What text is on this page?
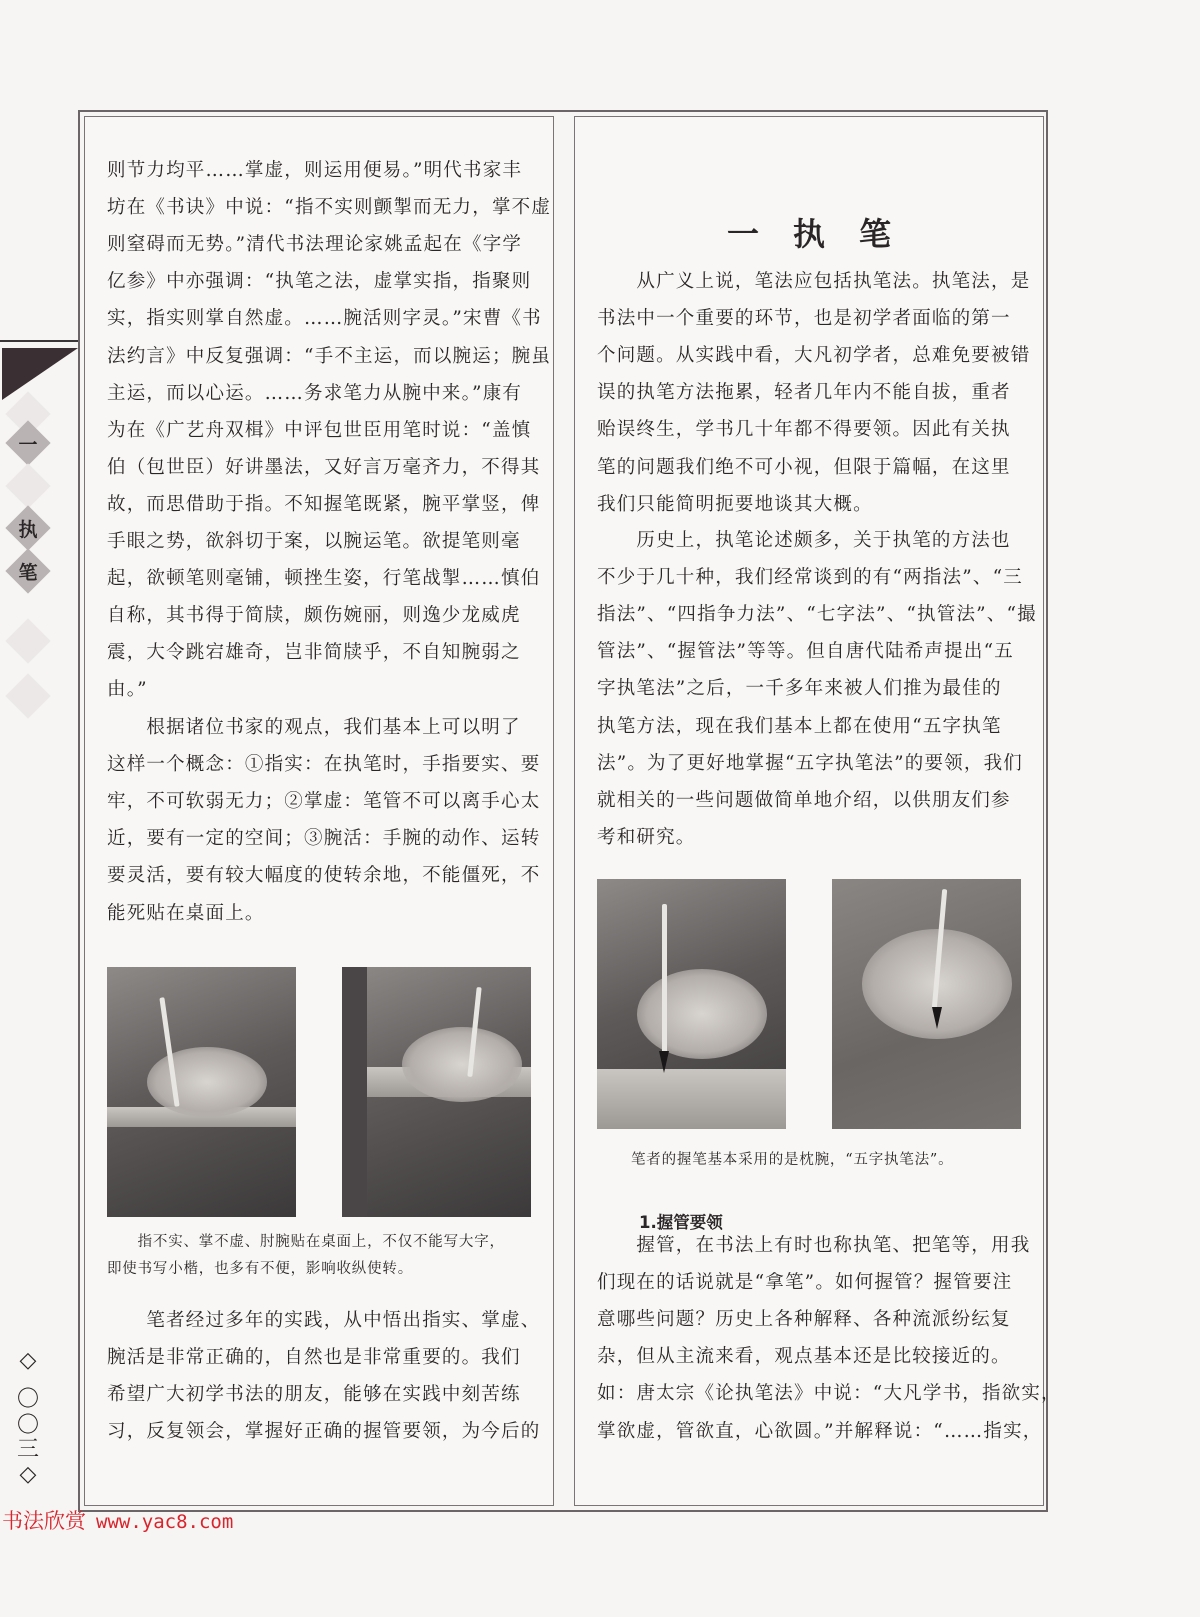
一
执
笔
◇
〇
〇
三
◇
则节力均平……掌虚，则运用便易。”明代书家丰
坊在《书诀》中说：“指不实则颤掣而无力，掌不虚
则窒碍而无势。”清代书法理论家姚孟起在《字学
亿参》中亦强调：“执笔之法，虚掌实指，指聚则
实，指实则掌自然虚。……腕活则字灵。”宋曹《书
法约言》中反复强调：“手不主运，而以腕运；腕虽
主运，而以心运。……务求笔力从腕中来。”康有
为在《广艺舟双楫》中评包世臣用笔时说：“盖慎
伯（包世臣）好讲墨法，又好言万毫齐力，不得其
故，而思借助于指。不知握笔既紧，腕平掌竖，俾
手眼之势，欲斜切于案，以腕运笔。欲提笔则毫
起，欲顿笔则毫铺，顿挫生姿，行笔战掣……慎伯
自称，其书得于简牍，颇伤婉丽，则逸少龙威虎
震，大令跳宕雄奇，岂非简牍乎，不自知腕弱之
由。”
　　根据诸位书家的观点，我们基本上可以明了
这样一个概念：①指实：在执笔时，手指要实、要
牢，不可软弱无力；②掌虚：笔管不可以离手心太
近，要有一定的空间；③腕活：手腕的动作、运转
要灵活，要有较大幅度的使转余地，不能僵死，不
能死贴在桌面上。
　　指不实、掌不虚、肘腕贴在桌面上，不仅不能写大字，
即使书写小楷，也多有不便，影响收纵使转。
　　笔者经过多年的实践，从中悟出指实、掌虚、
腕活是非常正确的，自然也是非常重要的。我们
希望广大初学书法的朋友，能够在实践中刻苦练
习，反复领会，掌握好正确的握管要领，为今后的
一执笔
　　从广义上说，笔法应包括执笔法。执笔法，是
书法中一个重要的环节，也是初学者面临的第一
个问题。从实践中看，大凡初学者，总难免要被错
误的执笔方法拖累，轻者几年内不能自拔，重者
贻误终生，学书几十年都不得要领。因此有关执
笔的问题我们绝不可小视，但限于篇幅，在这里
我们只能简明扼要地谈其大概。
　　历史上，执笔论述颇多，关于执笔的方法也
不少于几十种，我们经常谈到的有“两指法”、“三
指法”、“四指争力法”、“七字法”、“执管法”、“撮
管法”、“握管法”等等。但自唐代陆希声提出“五
字执笔法”之后，一千多年来被人们推为最佳的
执笔方法，现在我们基本上都在使用“五字执笔
法”。为了更好地掌握“五字执笔法”的要领，我们
就相关的一些问题做简单地介绍，以供朋友们参
考和研究。
笔者的握笔基本采用的是枕腕，“五字执笔法”。
1.握管要领
　　握管，在书法上有时也称执笔、把笔等，用我
们现在的话说就是“拿笔”。如何握管？握管要注
意哪些问题？历史上各种解释、各种流派纷纭复
杂，但从主流来看，观点基本还是比较接近的。
如：唐太宗《论执笔法》中说：“大凡学书，指欲实，
掌欲虚，管欲直，心欲圆。”并解释说：“……指实，
书法欣赏 www.yac8.com
